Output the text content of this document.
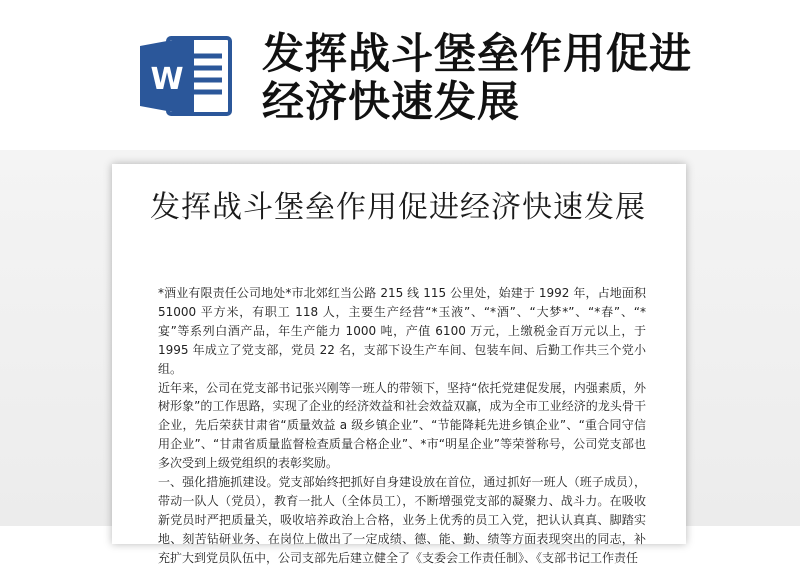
W
发挥战斗堡垒作用促进经济快速发展
发挥战斗堡垒作用促进经济快速发展

*酒业有限责任公司地处*市北郊红当公路 215 线 115 公里处，始建于 1992 年，占地面积51000 平方米，有职工 118 人，主要生产经营“*玉液”、“*酒”、“大梦*”、“*春”、“*宴”等系列白酒产品，年生产能力 1000 吨，产值 6100 万元，上缴税金百万元以上，于 1995 年成立了党支部，党员 22 名，支部下设生产车间、包装车间、后勤工作共三个党小组。

近年来，公司在党支部书记张兴刚等一班人的带领下，坚持“依托党建促发展，内强素质，外树形象”的工作思路，实现了企业的经济效益和社会效益双赢，成为全市工业经济的龙头骨干企业，先后荣获甘肃省“质量效益 a 级乡镇企业”、“节能降耗先进乡镇企业”、“重合同守信用企业”、“甘肃省质量监督检查质量合格企业”、*市“明星企业”等荣誉称号，公司党支部也多次受到上级党组织的表彰奖励。

一、强化措施抓建设。党支部始终把抓好自身建设放在首位，通过抓好一班人（班子成员），带动一队人（党员），教育一批人（全体员工），不断增强党支部的凝聚力、战斗力。在吸收新党员时严把质量关，吸收培养政治上合格，业务上优秀的员工入党，把认认真真、脚踏实地、刻苦钻研业务、在岗位上做出了一定成绩、德、能、勤、绩等方面表现突出的同志，补充扩大到党员队伍中，公司支部先后建立健全了《支委会工作责任制》、《支部书记工作责任
